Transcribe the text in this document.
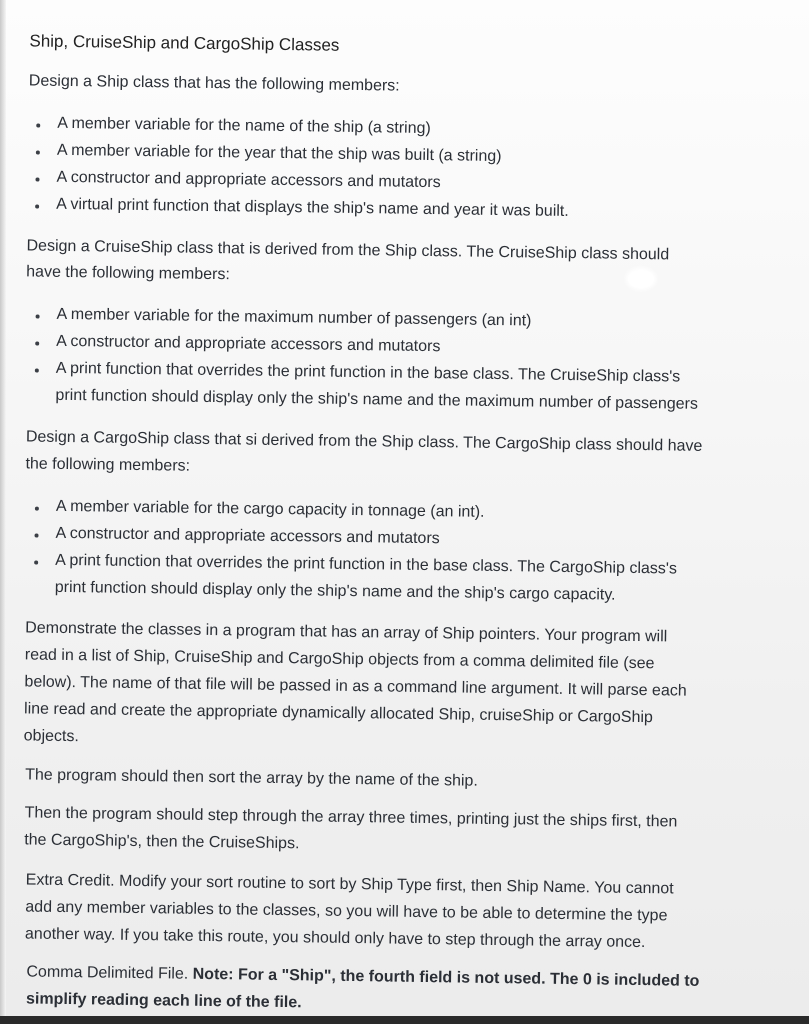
Ship, CruiseShip and CargoShip Classes
Design a Ship class that has the following members:
A member variable for the name of the ship (a string)
A member variable for the year that the ship was built (a string)
A constructor and appropriate accessors and mutators
A virtual print function that displays the ship's name and year it was built.
Design a CruiseShip class that is derived from the Ship class. The CruiseShip class should
have the following members:
A member variable for the maximum number of passengers (an int)
A constructor and appropriate accessors and mutators
A print function that overrides the print function in the base class. The CruiseShip class's
print function should display only the ship's name and the maximum number of passengers
Design a CargoShip class that si derived from the Ship class. The CargoShip class should have
the following members:
A member variable for the cargo capacity in tonnage (an int).
A constructor and appropriate accessors and mutators
A print function that overrides the print function in the base class. The CargoShip class's
print function should display only the ship's name and the ship's cargo capacity.
Demonstrate the classes in a program that has an array of Ship pointers. Your program will
read in a list of Ship, CruiseShip and CargoShip objects from a comma delimited file (see
below). The name of that file will be passed in as a command line argument. It will parse each
line read and create the appropriate dynamically allocated Ship, cruiseShip or CargoShip
objects.
The program should then sort the array by the name of the ship.
Then the program should step through the array three times, printing just the ships first, then
the CargoShip's, then the CruiseShips.
Extra Credit. Modify your sort routine to sort by Ship Type first, then Ship Name. You cannot
add any member variables to the classes, so you will have to be able to determine the type
another way. If you take this route, you should only have to step through the array once.
Comma Delimited File. Note: For a "Ship", the fourth field is not used. The 0 is included to
simplify reading each line of the file.
